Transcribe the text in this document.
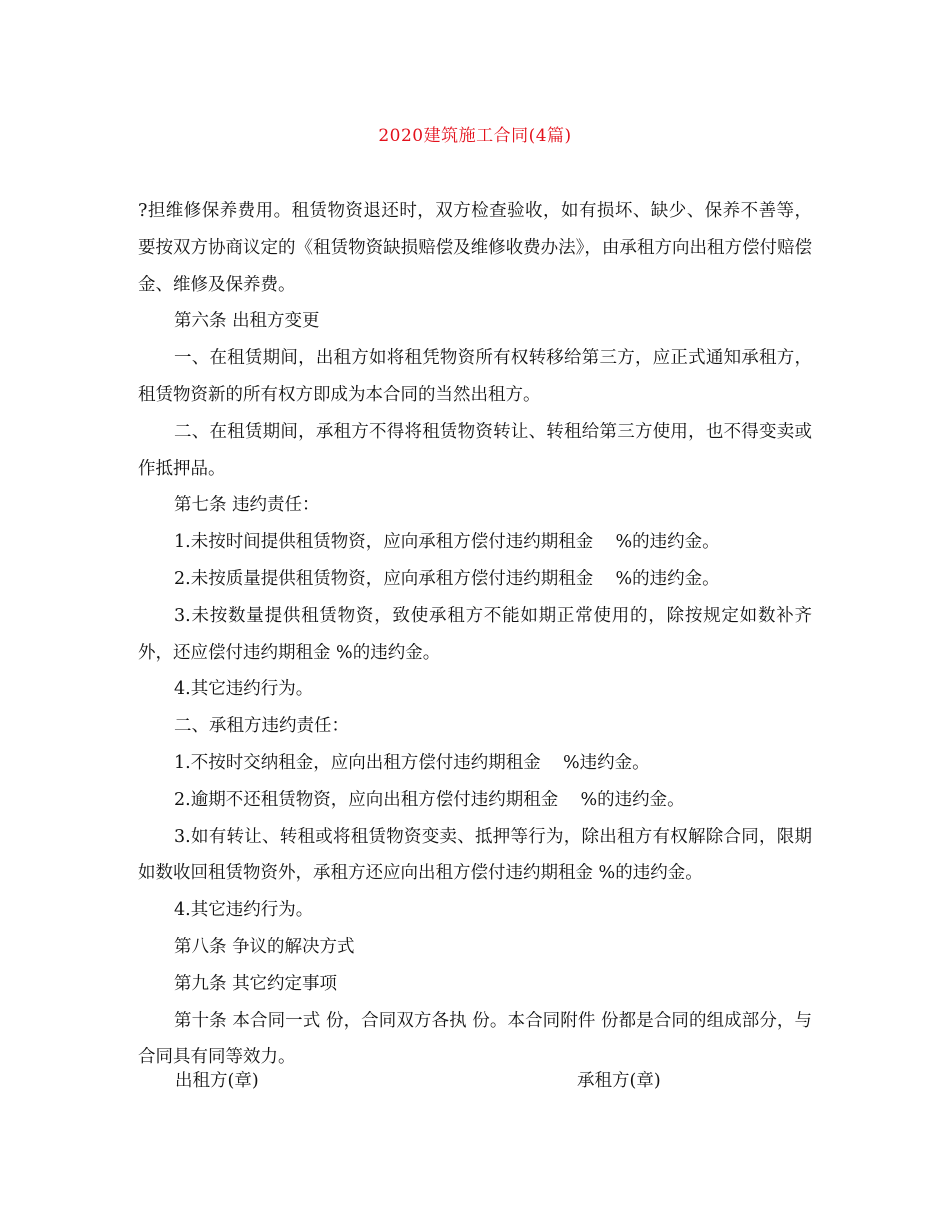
2020建筑施工合同(4篇)

?担维修保养费用。租赁物资退还时，双方检查验收，如有损坏、缺少、保养不善等，要按双方协商议定的《租赁物资缺损赔偿及维修收费办法》，由承租方向出租方偿付赔偿金、维修及保养费。

第六条 出租方变更

一、在租赁期间，出租方如将租凭物资所有权转移给第三方，应正式通知承租方，租赁物资新的所有权方即成为本合同的当然出租方。

二、在租赁期间，承租方不得将租赁物资转让、转租给第三方使用，也不得变卖或作抵押品。

第七条 违约责任：

1.未按时间提供租赁物资，应向承租方偿付违约期租金    %的违约金。

2.未按质量提供租赁物资，应向承租方偿付违约期租金    %的违约金。

3.未按数量提供租赁物资，致使承租方不能如期正常使用的，除按规定如数补齐外，还应偿付违约期租金 %的违约金。

4.其它违约行为。

二、承租方违约责任：

1.不按时交纳租金，应向出租方偿付违约期租金    %违约金。

2.逾期不还租赁物资，应向出租方偿付违约期租金    %的违约金。

3.如有转让、转租或将租赁物资变卖、抵押等行为，除出租方有权解除合同，限期如数收回租赁物资外，承租方还应向出租方偿付违约期租金 %的违约金。

4.其它违约行为。

第八条 争议的解决方式

第九条 其它约定事项

第十条 本合同一式 份，合同双方各执 份。本合同附件 份都是合同的组成部分，与合同具有同等效力。

出租方(章)	承租方(章)
